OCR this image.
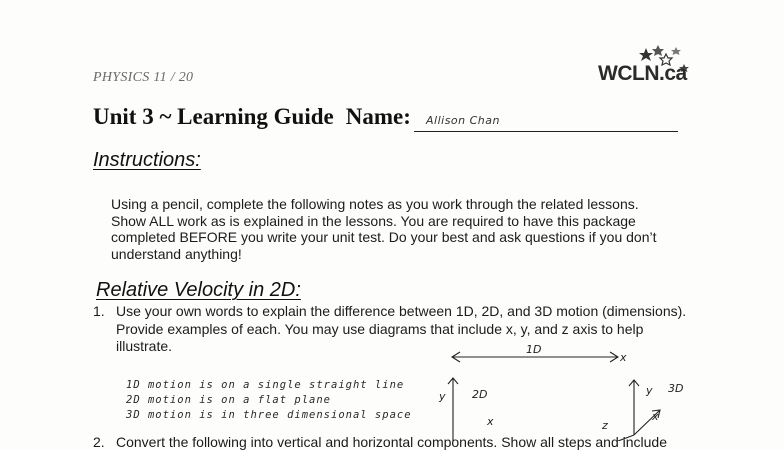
PHYSICS 11 / 20	WCLN.ca
Unit 3 ~ Learning Guide Name: Allison Chan
Instructions:
Using a pencil, complete the following notes as you work through the related lessons.
Show ALL work as is explained in the lessons. You are required to have this package
completed BEFORE you write your unit test. Do your best and ask questions if you don’t
understand anything!
Relative Velocity in 2D:
1. Use your own words to explain the difference between 1D, 2D, and 3D motion (dimensions).
Provide examples of each. You may use diagrams that include x, y, and z axis to help
illustrate.
1D motion is on a single straight line
2D motion is on a flat plane
3D motion is in three dimensional space
1D
x
y 2D
x
y 3D
z
x
2. Convert the following into vertical and horizontal components. Show all steps and include
